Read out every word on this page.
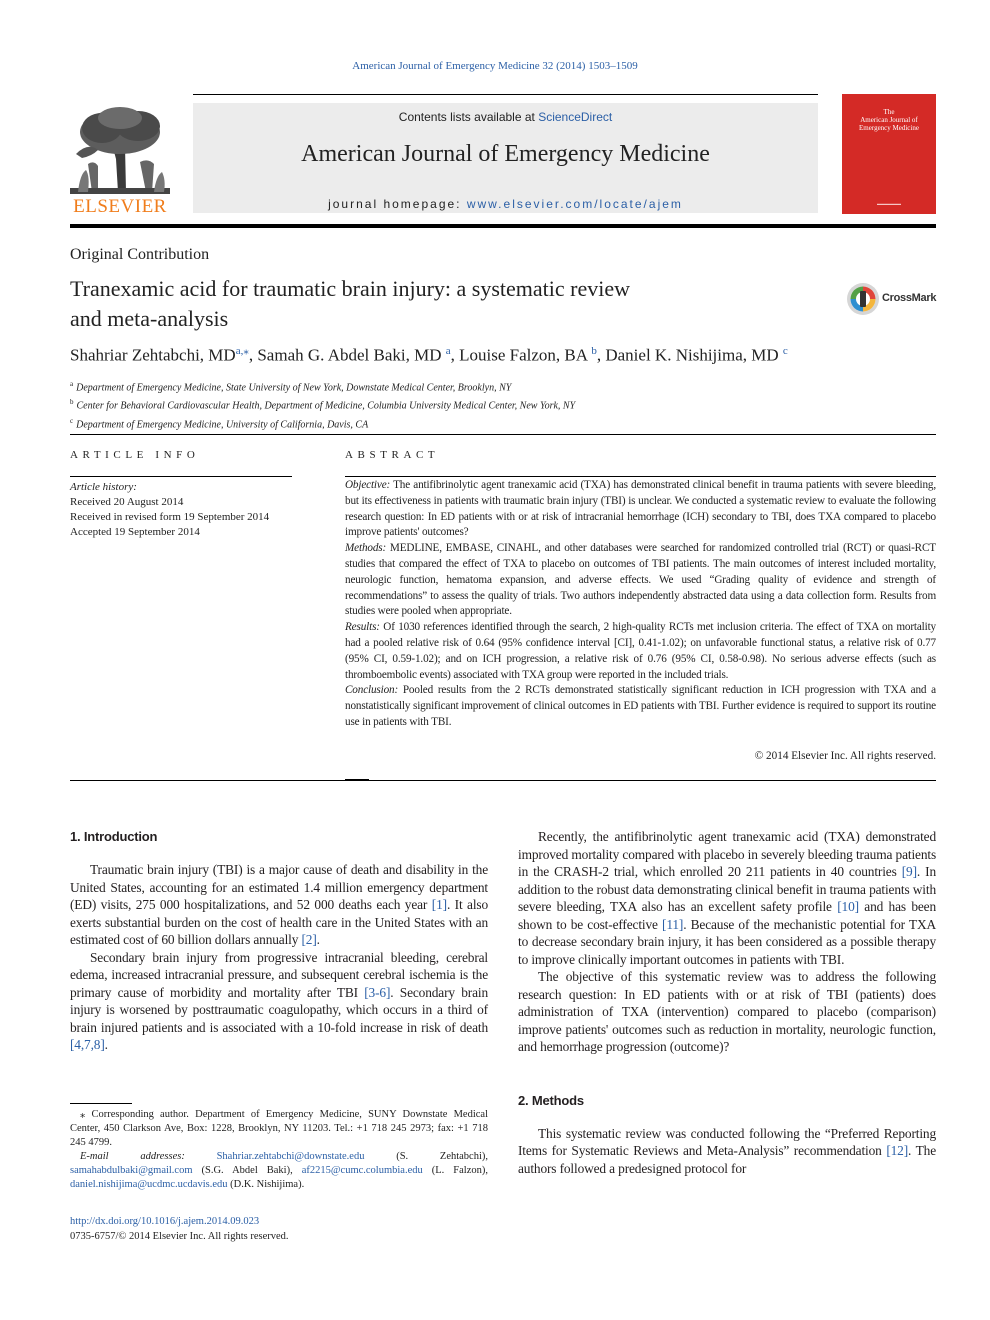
American Journal of Emergency Medicine 32 (2014) 1503–1509
ELSEVIER
Contents lists available at ScienceDirect
American Journal of Emergency Medicine
journal homepage: www.elsevier.com/locate/ajem
The
American Journal of
Emergency Medicine
▬▬▬▬▬▬
Original Contribution
Tranexamic acid for traumatic brain injury: a systematic review
and meta-analysis
CrossMark
Shahriar Zehtabchi, $MD^{a,⁎}$, Samah G. Abdel Baki, MD $^a$, Louise Falzon, BA $^b$, Daniel K. Nishijima, MD $^c$
$^a$ Department of Emergency Medicine, State University of New York, Downstate Medical Center, Brooklyn, NY
$^b$ Center for Behavioral Cardiovascular Health, Department of Medicine, Columbia University Medical Center, New York, NY
$^c$ Department of Emergency Medicine, University of California, Davis, CA
ARTICLE INFO
Article history:
Received 20 August 2014
Received in revised form 19 September 2014
Accepted 19 September 2014
ABSTRACT
Objective: The antifibrinolytic agent tranexamic acid (TXA) has demonstrated clinical benefit in trauma patients with severe bleeding, but its effectiveness in patients with traumatic brain injury (TBI) is unclear. We conducted a systematic review to evaluate the following research question: In ED patients with or at risk of intracranial hemorrhage (ICH) secondary to TBI, does TXA compared to placebo improve patients' outcomes?
Methods: MEDLINE, EMBASE, CINAHL, and other databases were searched for randomized controlled trial (RCT) or quasi-RCT studies that compared the effect of TXA to placebo on outcomes of TBI patients. The main outcomes of interest included mortality, neurologic function, hematoma expansion, and adverse effects. We used “Grading quality of evidence and strength of recommendations” to assess the quality of trials. Two authors independently abstracted data using a data collection form. Results from studies were pooled when appropriate.
Results: Of 1030 references identified through the search, 2 high-quality RCTs met inclusion criteria. The effect of TXA on mortality had a pooled relative risk of 0.64 (95% confidence interval [CI], 0.41-1.02); on unfavorable functional status, a relative risk of 0.77 (95% CI, 0.59-1.02); and on ICH progression, a relative risk of 0.76 (95% CI, 0.58-0.98). No serious adverse effects (such as thromboembolic events) associated with TXA group were reported in the included trials.
Conclusion: Pooled results from the 2 RCTs demonstrated statistically significant reduction in ICH progression with TXA and a nonstatistically significant improvement of clinical outcomes in ED patients with TBI. Further evidence is required to support its routine use in patients with TBI.
© 2014 Elsevier Inc. All rights reserved.
1. Introduction

Traumatic brain injury (TBI) is a major cause of death and disability in the United States, accounting for an estimated 1.4 million emergency department (ED) visits, 275 000 hospitalizations, and 52 000 deaths each year [1]. It also exerts substantial burden on the cost of health care in the United States with an estimated cost of 60 billion dollars annually [2].

Secondary brain injury from progressive intracranial bleeding, cerebral edema, increased intracranial pressure, and subsequent cerebral ischemia is the primary cause of morbidity and mortality after TBI [3-6]. Secondary brain injury is worsened by posttraumatic coagulopathy, which occurs in a third of brain injured patients and is associated with a 10-fold increase in risk of death [4,7,8].

Recently, the antifibrinolytic agent tranexamic acid (TXA) demonstrated improved mortality compared with placebo in severely bleeding trauma patients in the CRASH-2 trial, which enrolled 20 211 patients in 40 countries [9]. In addition to the robust data demonstrating clinical benefit in trauma patients with severe bleeding, TXA also has an excellent safety profile [10] and has been shown to be cost-effective [11]. Because of the mechanistic potential for TXA to decrease secondary brain injury, it has been considered as a possible therapy to improve clinically important outcomes in patients with TBI.

The objective of this systematic review was to address the following research question: In ED patients with or at risk of TBI (patients) does administration of TXA (intervention) compared to placebo (comparison) improve patients' outcomes such as reduction in mortality, neurologic function, and hemorrhage progression (outcome)?

2. Methods

This systematic review was conducted following the “Preferred Reporting Items for Systematic Reviews and Meta-Analysis” recommendation [12]. The authors followed a predesigned protocol for

⁎ Corresponding author. Department of Emergency Medicine, SUNY Downstate Medical Center, 450 Clarkson Ave, Box: 1228, Brooklyn, NY 11203. Tel.: +1 718 245 2973; fax: +1 718 245 4799.
E-mail addresses:	Shahriar.zehtabchi@downstate.edu (S. Zehtabchi), samahabdulbaki@gmail.com (S.G. Abdel Baki), af2215@cumc.columbia.edu (L. Falzon), daniel.nishijima@ucdmc.ucdavis.edu (D.K. Nishijima).
http://dx.doi.org/10.1016/j.ajem.2014.09.023
0735-6757/© 2014 Elsevier Inc. All rights reserved.
